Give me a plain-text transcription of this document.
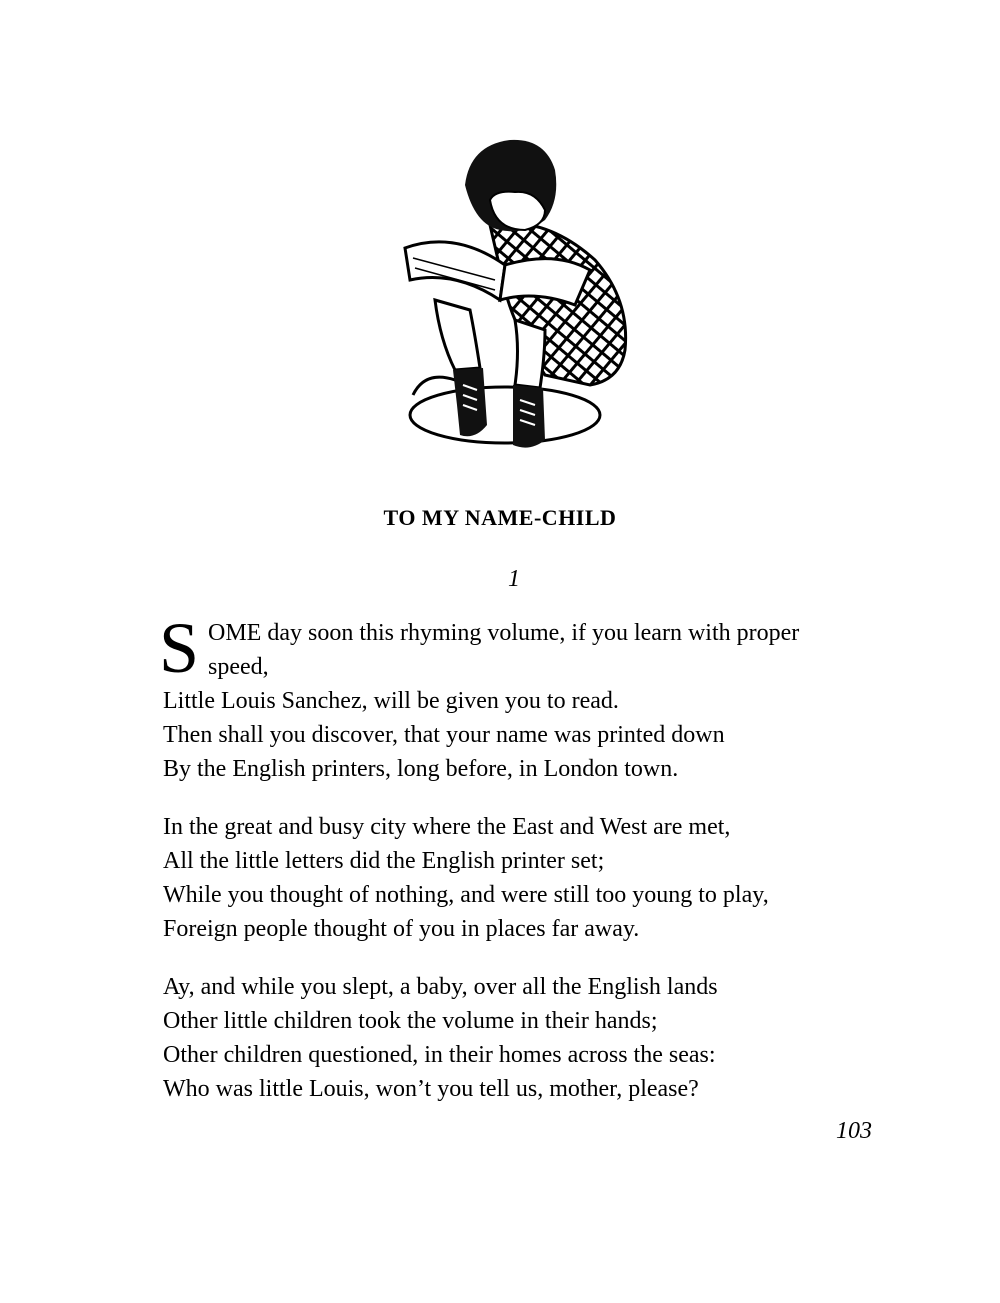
TO MY NAME-CHILD
1
S OME day soon this rhyming volume, if you learn with proper
speed,
Little Louis Sanchez, will be given you to read.
Then shall you discover, that your name was printed down
By the English printers, long before, in London town.
In the great and busy city where the East and West are met,
All the little letters did the English printer set;
While you thought of nothing, and were still too young to play,
Foreign people thought of you in places far away.
Ay, and while you slept, a baby, over all the English lands
Other little children took the volume in their hands;
Other children questioned, in their homes across the seas:
Who was little Louis, won’t you tell us, mother, please?
103
